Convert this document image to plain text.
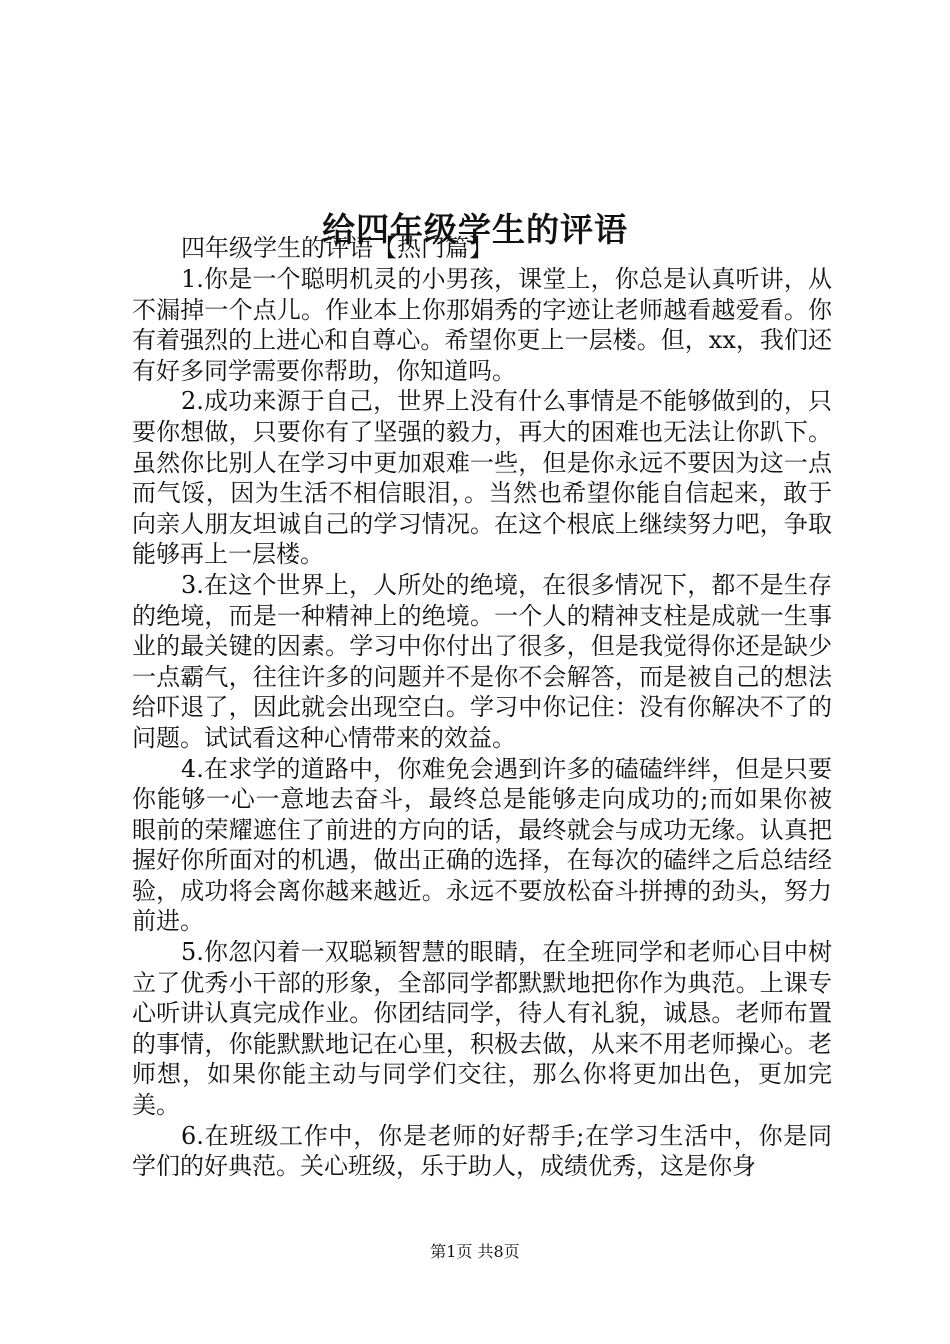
给四年级学生的评语

四年级学生的评语【热门篇】

1.你是一个聪明机灵的小男孩，课堂上，你总是认真听讲，从不漏掉一个点儿。作业本上你那娟秀的字迹让老师越看越爱看。你有着强烈的上进心和自尊心。希望你更上一层楼。但，xx，我们还有好多同学需要你帮助，你知道吗。

2.成功来源于自己，世界上没有什么事情是不能够做到的，只要你想做，只要你有了坚强的毅力，再大的困难也无法让你趴下。虽然你比别人在学习中更加艰难一些，但是你永远不要因为这一点而气馁，因为生活不相信眼泪，。当然也希望你能自信起来，敢于向亲人朋友坦诚自己的学习情况。在这个根底上继续努力吧，争取能够再上一层楼。

3.在这个世界上，人所处的绝境，在很多情况下，都不是生存的绝境，而是一种精神上的绝境。一个人的精神支柱是成就一生事业的最关键的因素。学习中你付出了很多，但是我觉得你还是缺少一点霸气，往往许多的问题并不是你不会解答，而是被自己的想法给吓退了，因此就会出现空白。学习中你记住：没有你解决不了的问题。试试看这种心情带来的效益。

4.在求学的道路中，你难免会遇到许多的磕磕绊绊，但是只要你能够一心一意地去奋斗，最终总是能够走向成功的;而如果你被眼前的荣耀遮住了前进的方向的话，最终就会与成功无缘。认真把握好你所面对的机遇，做出正确的选择，在每次的磕绊之后总结经验，成功将会离你越来越近。永远不要放松奋斗拼搏的劲头，努力前进。

5.你忽闪着一双聪颖智慧的眼睛，在全班同学和老师心目中树立了优秀小干部的形象，全部同学都默默地把你作为典范。上课专心听讲认真完成作业。你团结同学，待人有礼貌，诚恳。老师布置的事情，你能默默地记在心里，积极去做，从来不用老师操心。老师想，如果你能主动与同学们交往，那么你将更加出色，更加完美。

6.在班级工作中，你是老师的好帮手;在学习生活中，你是同学们的好典范。关心班级，乐于助人，成绩优秀，这是你身

第1页 共8页
